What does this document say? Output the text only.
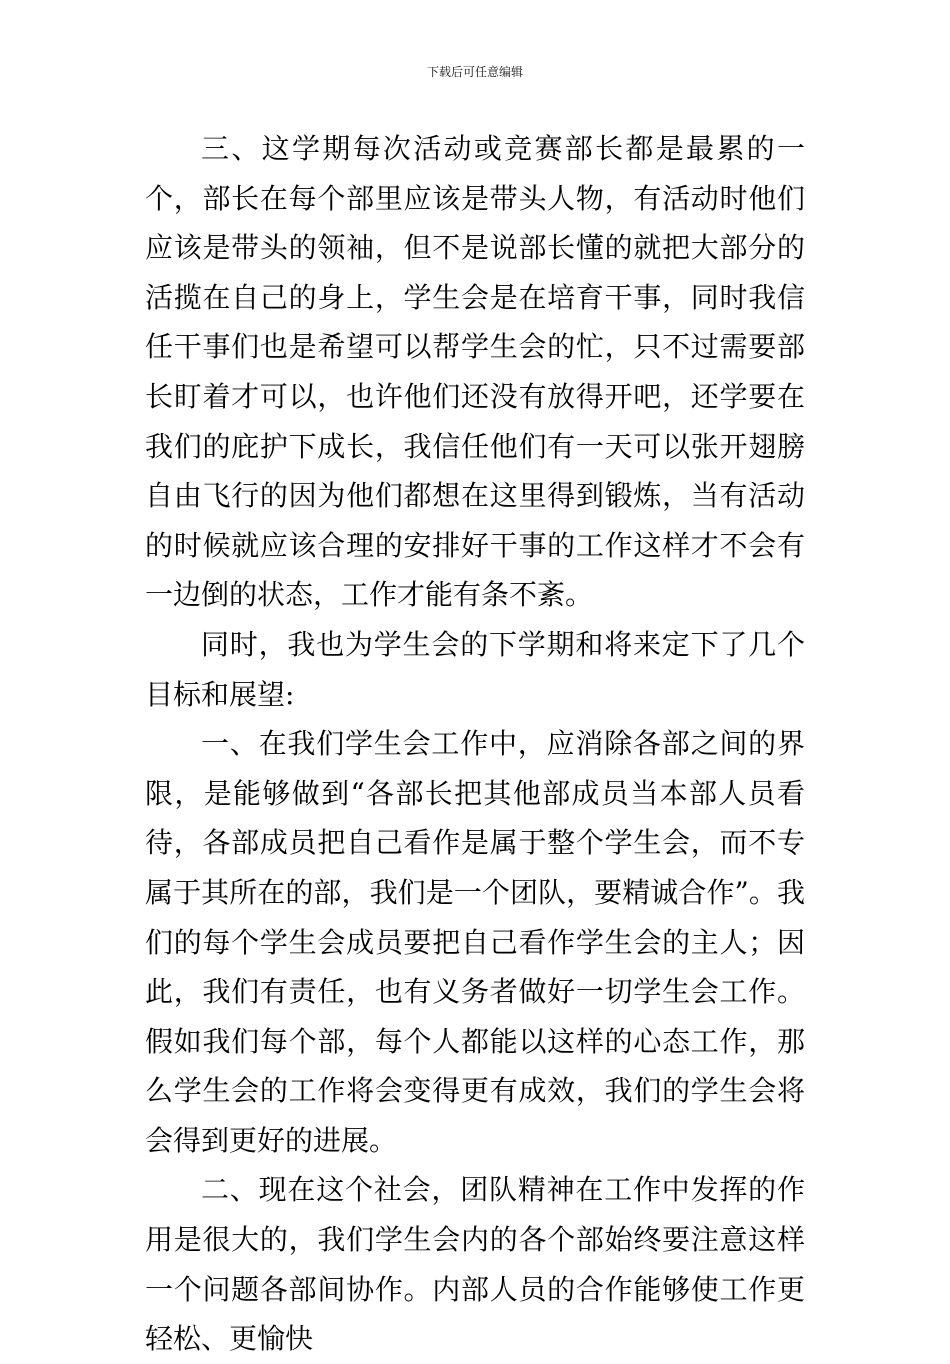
下载后可任意编辑

三、这学期每次活动或竞赛部长都是最累的一个，部长在每个部里应该是带头人物，有活动时他们应该是带头的领袖，但不是说部长懂的就把大部分的活揽在自己的身上，学生会是在培育干事，同时我信任干事们也是希望可以帮学生会的忙，只不过需要部长盯着才可以，也许他们还没有放得开吧，还学要在我们的庇护下成长，我信任他们有一天可以张开翅膀自由飞行的因为他们都想在这里得到锻炼，当有活动的时候就应该合理的安排好干事的工作这样才不会有一边倒的状态，工作才能有条不紊。

同时，我也为学生会的下学期和将来定下了几个目标和展望:

一、在我们学生会工作中，应消除各部之间的界限，是能够做到“各部长把其他部成员当本部人员看待，各部成员把自己看作是属于整个学生会，而不专属于其所在的部，我们是一个团队，要精诚合作”。我们的每个学生会成员要把自己看作学生会的主人；因此，我们有责任，也有义务者做好一切学生会工作。假如我们每个部，每个人都能以这样的心态工作，那么学生会的工作将会变得更有成效，我们的学生会将会得到更好的进展。

二、现在这个社会，团队精神在工作中发挥的作用是很大的，我们学生会内的各个部始终要注意这样一个问题各部间协作。内部人员的合作能够使工作更轻松、更愉快
